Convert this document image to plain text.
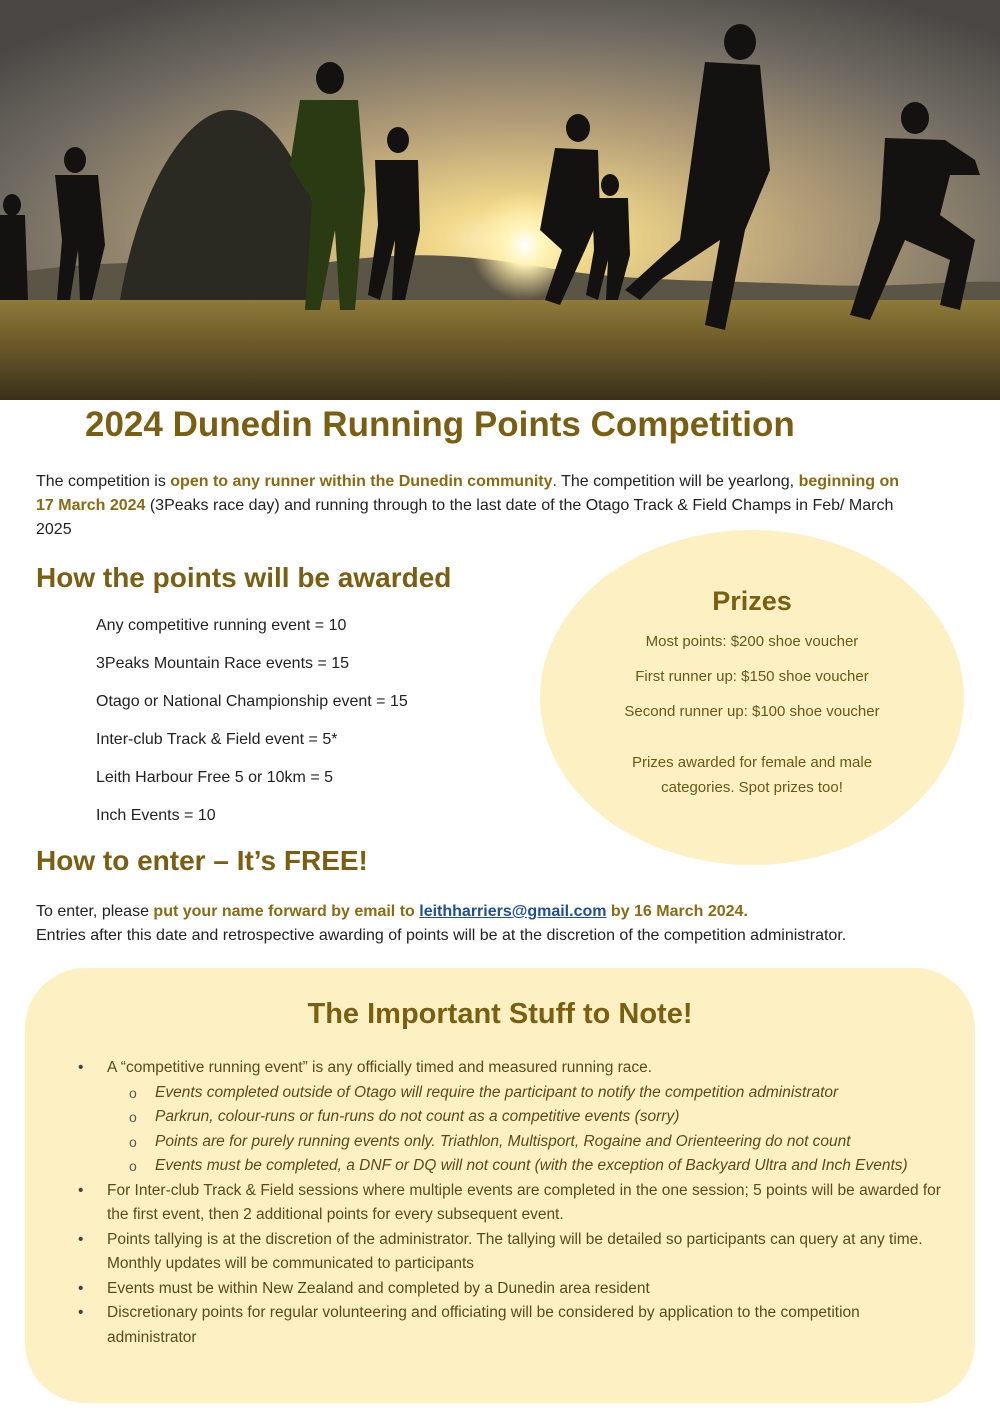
2024 Dunedin Running Points Competition

The competition is open to any runner within the Dunedin community. The competition will be yearlong, beginning on 17 March 2024 (3Peaks race day) and running through to the last date of the Otago Track & Field Champs in Feb/ March 2025

How the points will be awarded
Any competitive running event = 10
3Peaks Mountain Race events = 15
Otago or National Championship event = 15
Inter-club Track & Field event = 5*
Leith Harbour Free 5 or 10km = 5
Inch Events = 10

Prizes

Most points: $200 shoe voucher

First runner up: $150 shoe voucher

Second runner up: $100 shoe voucher

Prizes awarded for female and male

categories. Spot prizes too!

How to enter – It’s FREE!

To enter, please put your name forward by email to leithharriers@gmail.com by 16 March 2024.
Entries after this date and retrospective awarding of points will be at the discretion of the competition administrator.

The Important Stuff to Note!
• A “competitive running event” is any officially timed and measured running race.
o Events completed outside of Otago will require the participant to notify the competition administrator
o Parkrun, colour-runs or fun-runs do not count as a competitive events (sorry)
o Points are for purely running events only. Triathlon, Multisport, Rogaine and Orienteering do not count
o Events must be completed, a DNF or DQ will not count (with the exception of Backyard Ultra and Inch Events)
• For Inter-club Track & Field sessions where multiple events are completed in the one session; 5 points will be awarded for the first event, then 2 additional points for every subsequent event.
• Points tallying is at the discretion of the administrator. The tallying will be detailed so participants can query at any time. Monthly updates will be communicated to participants
• Events must be within New Zealand and completed by a Dunedin area resident
• Discretionary points for regular volunteering and officiating will be considered by application to the competition administrator
